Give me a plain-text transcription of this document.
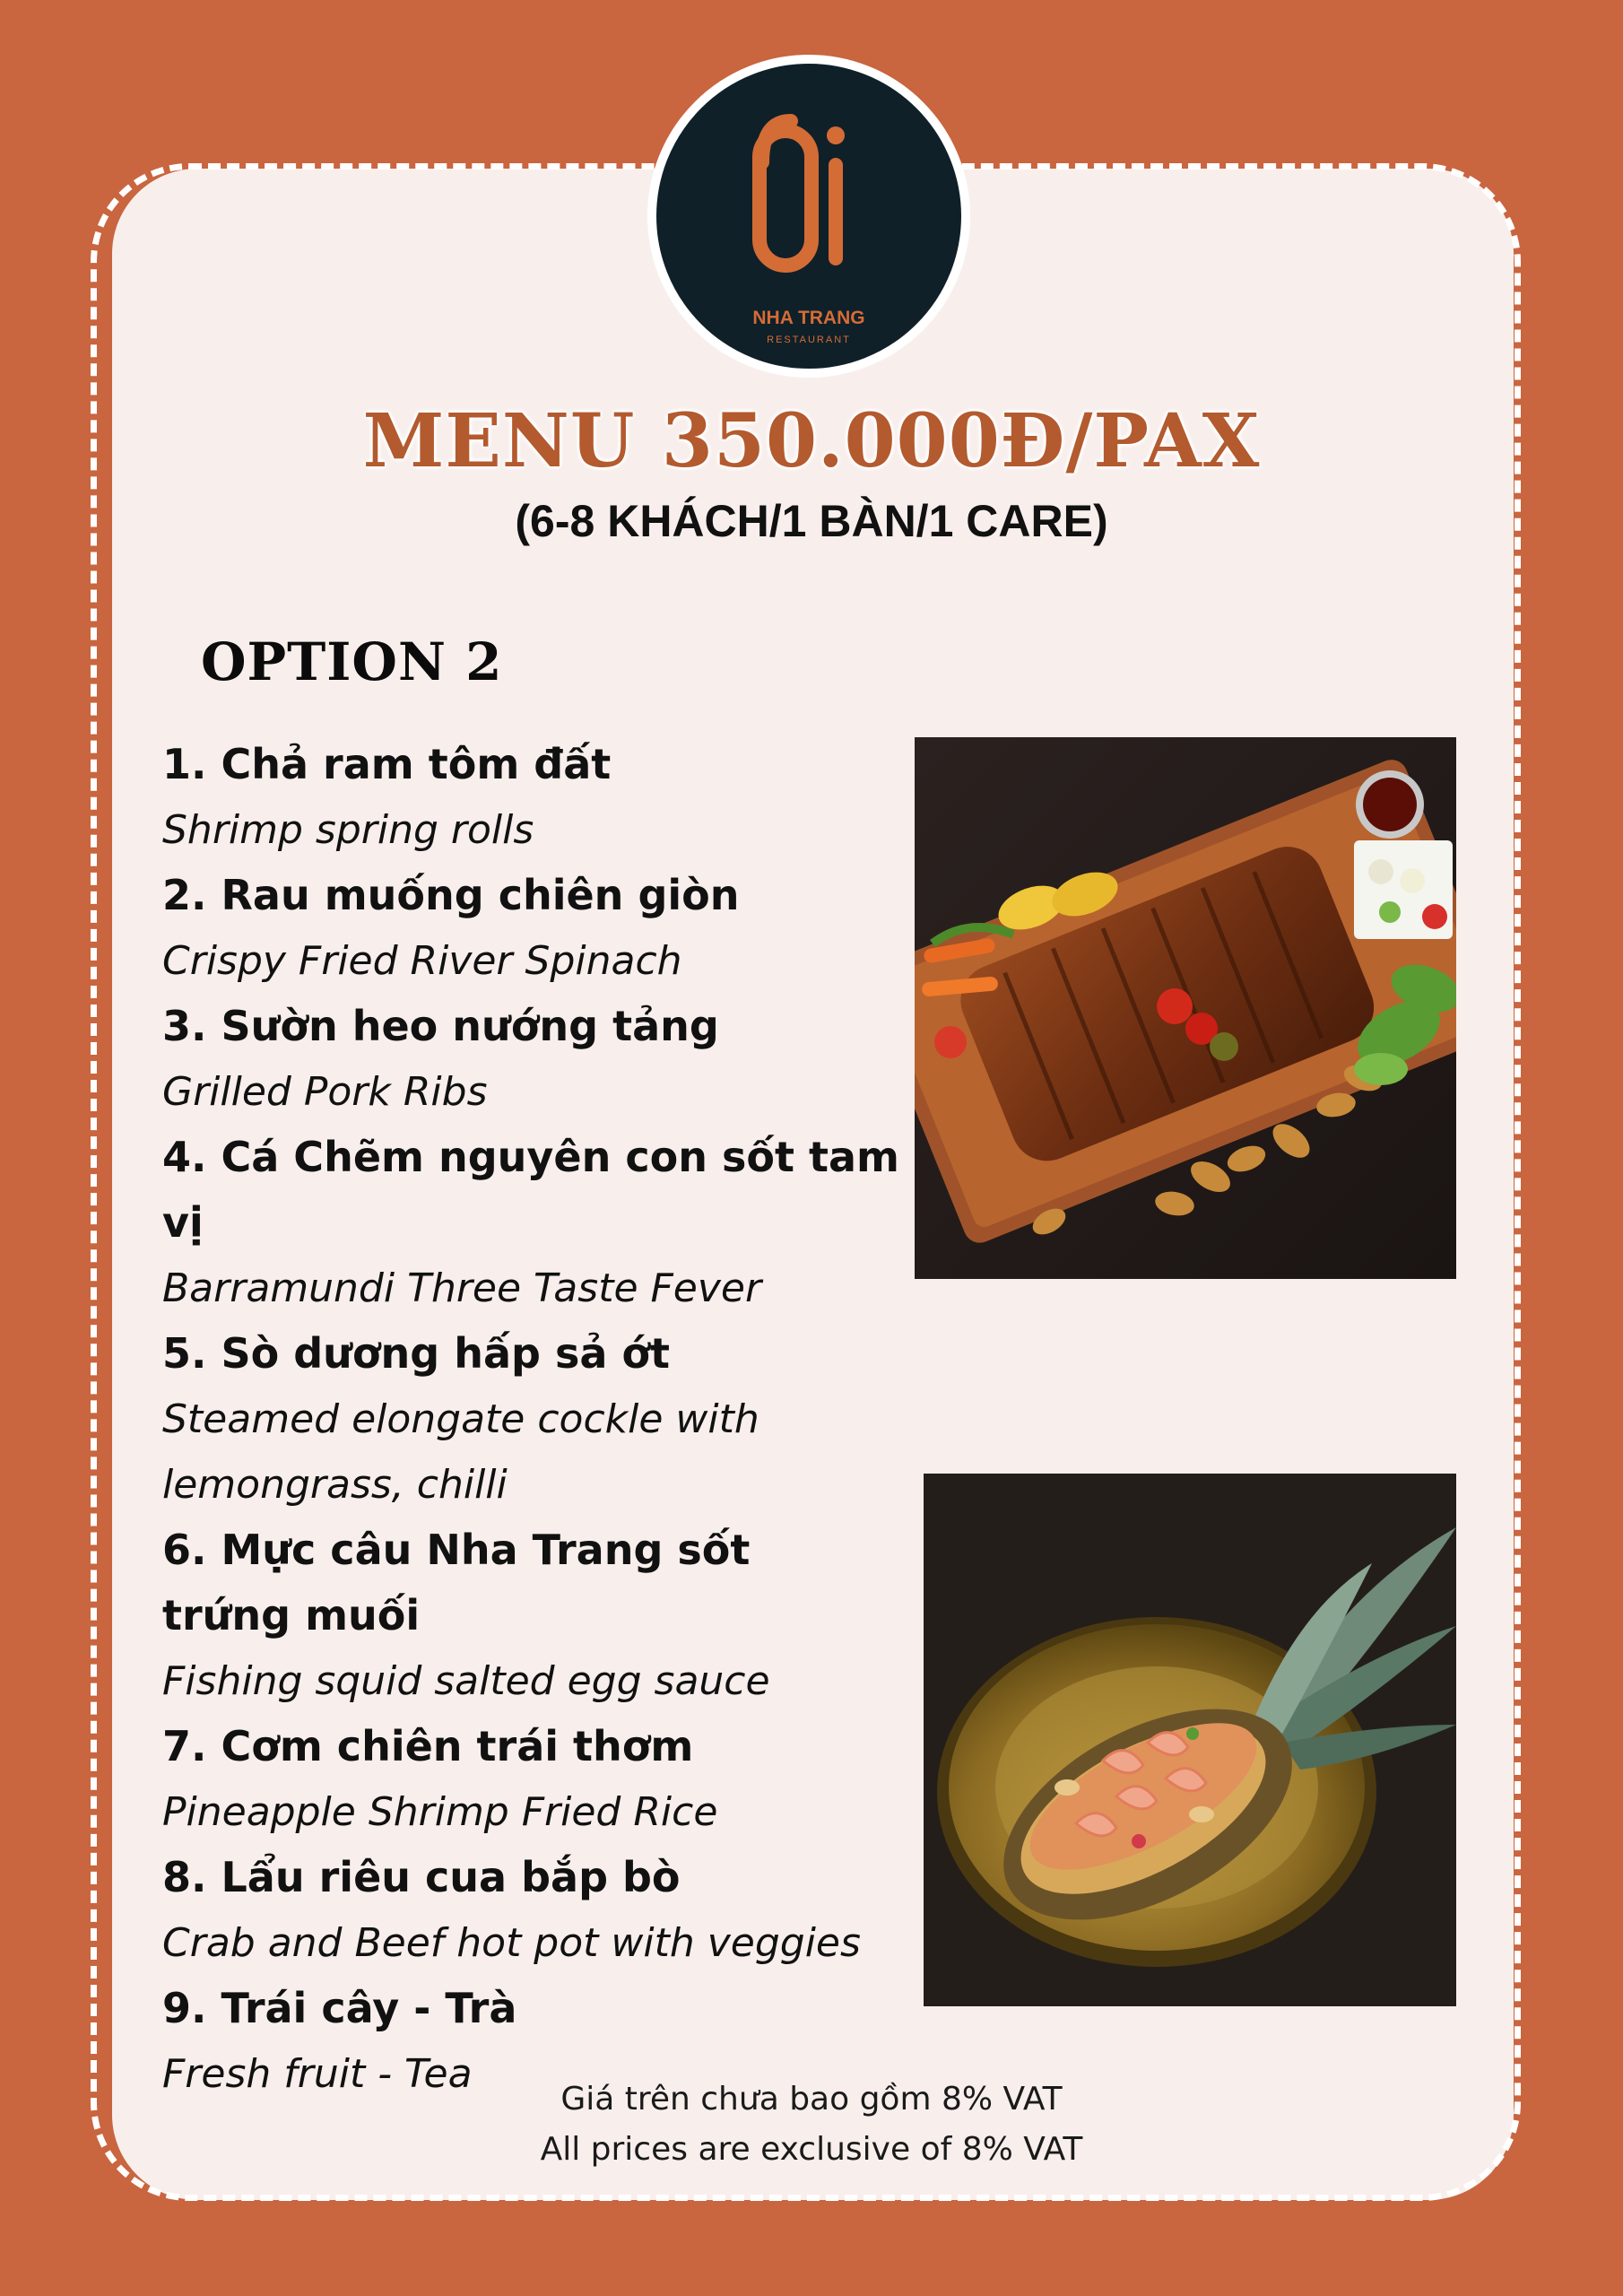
NHA TRANG
RESTAURANT
MENU 350.000Đ/PAX
(6-8 KHÁCH/1 BÀN/1 CARE)
OPTION 2
1. Chả ram tôm đất
Shrimp spring rolls
2. Rau muống chiên giòn
Crispy Fried River Spinach
3. Sườn heo nướng tảng
Grilled Pork Ribs
4. Cá Chẽm nguyên con sốt tam vị
Barramundi Three Taste Fever
5. Sò dương hấp sả ớt
Steamed elongate cockle with lemongrass, chilli
6. Mực câu Nha Trang sốt trứng muối
Fishing squid salted egg sauce
7. Cơm chiên trái thơm
Pineapple Shrimp Fried Rice
8. Lẩu riêu cua bắp bò
Crab and Beef hot pot with veggies
9. Trái cây - Trà
Fresh fruit - Tea
Giá trên chưa bao gồm 8% VAT
All prices are exclusive of 8% VAT
